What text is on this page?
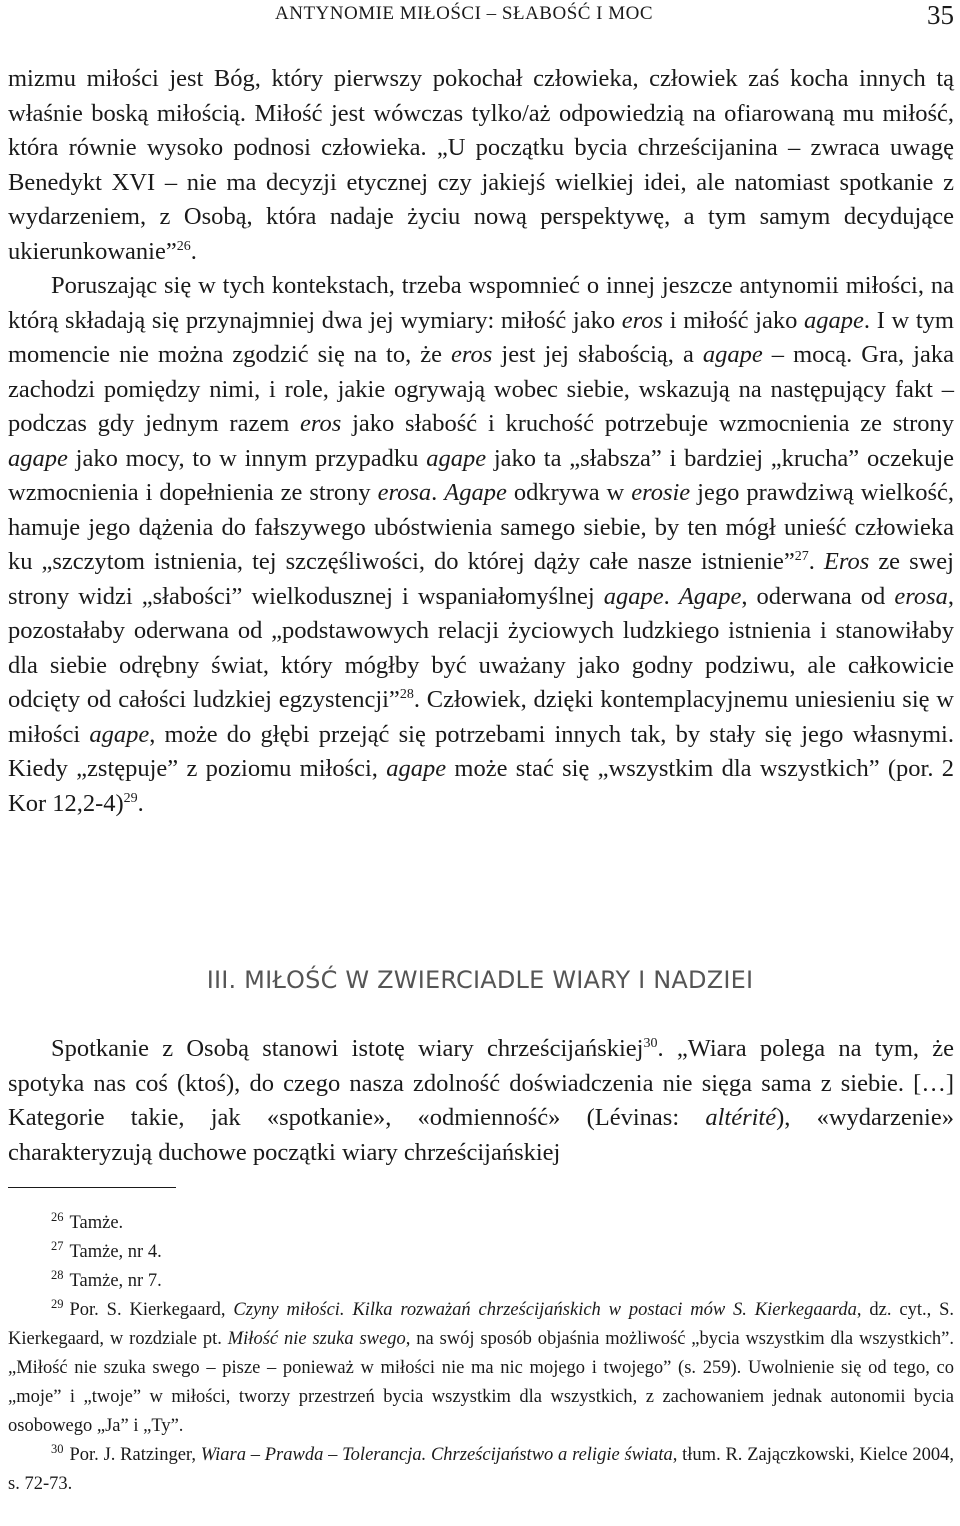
ANTYNOMIE MIŁOŚCI – SŁABOŚĆ I MOC	35

mizmu miłości jest Bóg, który pierwszy pokochał człowieka, człowiek zaś kocha innych tą właśnie boską miłością. Miłość jest wówczas tylko/aż odpowiedzią na ofiarowaną mu miłość, która równie wysoko podnosi człowieka. „U początku bycia chrześcijanina – zwraca uwagę Benedykt XVI – nie ma decyzji etycznej czy jakiejś wielkiej idei, ale natomiast spotkanie z wydarzeniem, z Osobą, która nadaje życiu nową perspektywę, a tym samym decydujące ukierunkowanie”$^{26}$.

Poruszając się w tych kontekstach, trzeba wspomnieć o innej jeszcze antynomii miłości, na którą składają się przynajmniej dwa jej wymiary: miłość jako eros i miłość jako agape. I w tym momencie nie można zgodzić się na to, że eros jest jej słabością, a agape – mocą. Gra, jaka zachodzi pomiędzy nimi, i role, jakie ogrywają wobec siebie, wskazują na następujący fakt – podczas gdy jednym razem eros jako słabość i kruchość potrzebuje wzmocnienia ze strony agape jako mocy, to w innym przypadku agape jako ta „słabsza” i bardziej „krucha” oczekuje wzmocnienia i dopełnienia ze strony erosa. Agape odkrywa w erosie jego prawdziwą wielkość, hamuje jego dążenia do fałszywego ubóstwienia samego siebie, by ten mógł unieść człowieka ku „szczytom istnienia, tej szczęśliwości, do której dąży całe nasze istnienie”$^{27}$. Eros ze swej strony widzi „słabości” wielkodusznej i wspaniałomyślnej agape. Agape, oderwana od erosa, pozostałaby oderwana od „podstawowych relacji życiowych ludzkiego istnienia i stanowiłaby dla siebie odrębny świat, który mógłby być uważany jako godny podziwu, ale całkowicie odcięty od całości ludzkiej egzystencji”$^{28}$. Człowiek, dzięki kontemplacyjnemu uniesieniu się w miłości agape, może do głębi przejąć się potrzebami innych tak, by stały się jego własnymi. Kiedy „zstępuje” z poziomu miłości, agape może stać się „wszystkim dla wszystkich” (por. 2 Kor 12,2-4)$^{29}$.

III. MIŁOŚĆ W ZWIERCIADLE WIARY I NADZIEI

Spotkanie z Osobą stanowi istotę wiary chrześcijańskiej$^{30}$. „Wiara polega na tym, że spotyka nas coś (ktoś), do czego nasza zdolność doświadczenia nie sięga sama z siebie. […] Kategorie takie, jak «spotkanie», «odmienność» (Lévinas: altérité), «wydarzenie» charakteryzują duchowe początki wiary chrześcijańskiej

$^{26}$ Tamże.

$^{27}$ Tamże, nr 4.

$^{28}$ Tamże, nr 7.

$^{29}$ Por. S. Kierkegaard, Czyny miłości. Kilka rozważań chrześcijańskich w postaci mów S. Kierkegaarda, dz. cyt., S. Kierkegaard, w rozdziale pt. Miłość nie szuka swego, na swój sposób objaśnia możliwość „bycia wszystkim dla wszystkich”. „Miłość nie szuka swego – pisze – ponieważ w miłości nie ma nic mojego i twojego” (s. 259). Uwolnienie się od tego, co „moje” i „twoje” w miłości, tworzy przestrzeń bycia wszystkim dla wszystkich, z zachowaniem jednak autonomii bycia osobowego „Ja” i „Ty”.

$^{30}$ Por. J. Ratzinger, Wiara – Prawda – Tolerancja. Chrześcijaństwo a religie świata, tłum. R. Zajączkowski, Kielce 2004, s. 72-73.
